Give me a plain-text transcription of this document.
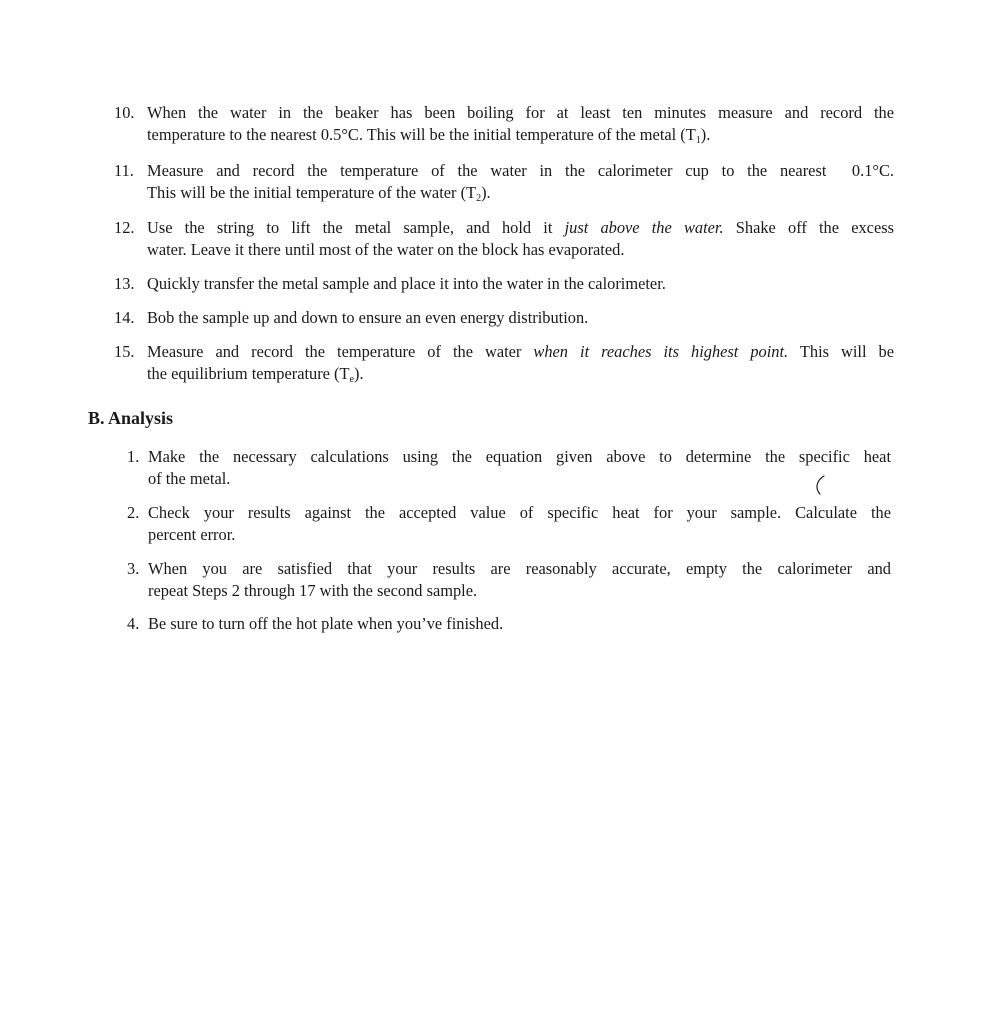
10. When the water in the beaker has been boiling for at least ten minutes measure and record the
temperature to the nearest 0.5°C. This will be the initial temperature of the metal $(T_1)$.
11. Measure and record the temperature of the water in the calorimeter cup to the nearest  0.1°C.
This will be the initial temperature of the water $(T_2)$.
12. Use the string to lift the metal sample, and hold it just above the water. Shake off the excess
water. Leave it there until most of the water on the block has evaporated.
13. Quickly transfer the metal sample and place it into the water in the calorimeter.
14. Bob the sample up and down to ensure an even energy distribution.
15. Measure and record the temperature of the water when it reaches its highest point. This will be
the equilibrium temperature $(T_e)$.
B. Analysis
1. Make the necessary calculations using the equation given above to determine the specific heat
of the metal.
2. Check your results against the accepted value of specific heat for your sample. Calculate the
percent error.
3. When you are satisfied that your results are reasonably accurate, empty the calorimeter and
repeat Steps 2 through 17 with the second sample.
4. Be sure to turn off the hot plate when you’ve finished.
